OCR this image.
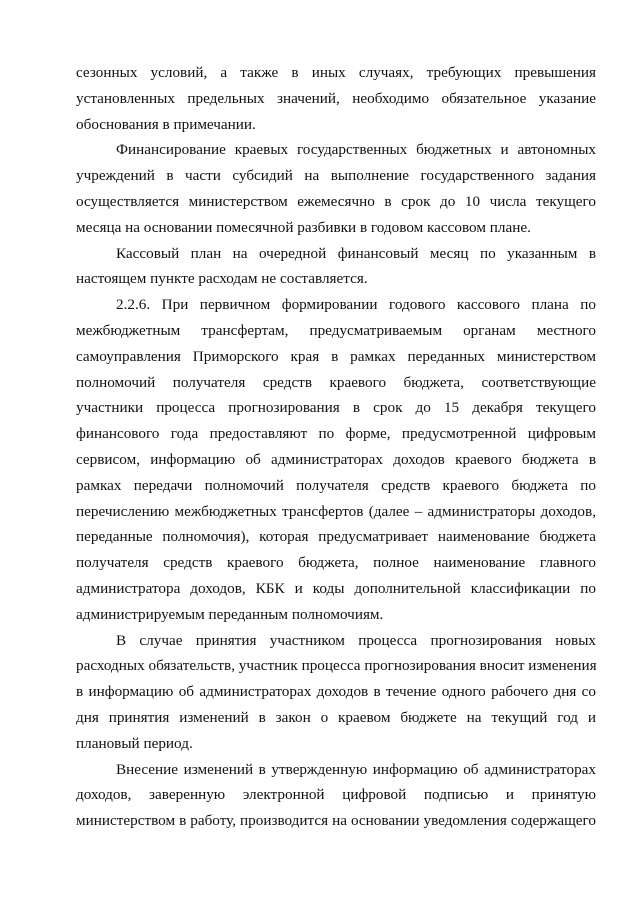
сезонных условий, а также в иных случаях, требующих превышения
установленных предельных значений, необходимо обязательное указание
обоснования в примечании.
Финансирование краевых государственных бюджетных и автономных
учреждений в части субсидий на выполнение государственного задания
осуществляется министерством ежемесячно в срок до 10 числа текущего
месяца на основании помесячной разбивки в годовом кассовом плане.
Кассовый план на очередной финансовый месяц по указанным в
настоящем пункте расходам не составляется.
2.2.6. При первичном формировании годового кассового плана по
межбюджетным трансфертам, предусматриваемым органам местного
самоуправления Приморского края в рамках переданных министерством
полномочий получателя средств краевого бюджета, соответствующие
участники процесса прогнозирования в срок до 15 декабря текущего
финансового года предоставляют по форме, предусмотренной цифровым
сервисом, информацию об администраторах доходов краевого бюджета в
рамках передачи полномочий получателя средств краевого бюджета по
перечислению межбюджетных трансфертов (далее – администраторы доходов,
переданные полномочия), которая предусматривает наименование бюджета
получателя средств краевого бюджета, полное наименование главного
администратора доходов, КБК и коды дополнительной классификации по
администрируемым переданным полномочиям.
В случае принятия участником процесса прогнозирования новых
расходных обязательств, участник процесса прогнозирования вносит изменения
в информацию об администраторах доходов в течение одного рабочего дня со
дня принятия изменений в закон о краевом бюджете на текущий год и
плановый период.
Внесение изменений в утвержденную информацию об администраторах
доходов, заверенную электронной цифровой подписью и принятую
министерством в работу, производится на основании уведомления содержащего
